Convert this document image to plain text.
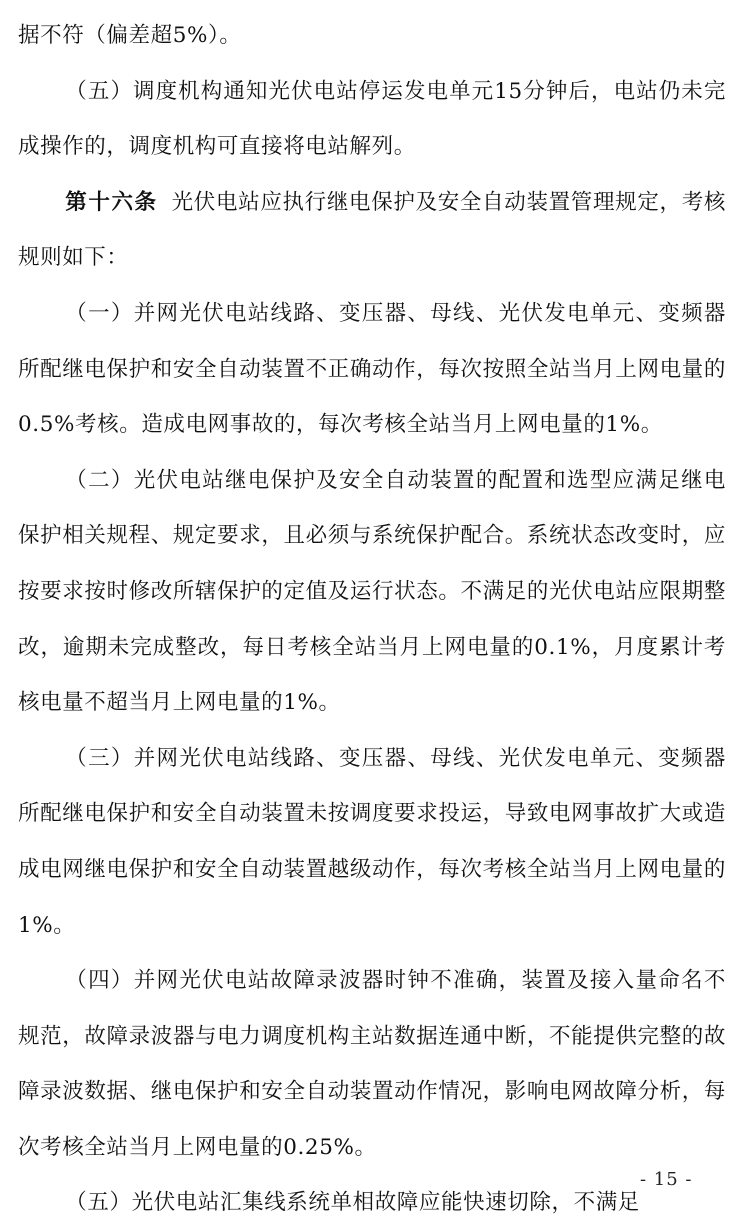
据不符（偏差超5%）。

（五）调度机构通知光伏电站停运发电单元15分钟后，电站仍未完成操作的，调度机构可直接将电站解列。

第十六条 光伏电站应执行继电保护及安全自动装置管理规定，考核规则如下：

（一）并网光伏电站线路、变压器、母线、光伏发电单元、变频器所配继电保护和安全自动装置不正确动作，每次按照全站当月上网电量的0.5%考核。造成电网事故的，每次考核全站当月上网电量的1%。

（二）光伏电站继电保护及安全自动装置的配置和选型应满足继电保护相关规程、规定要求，且必须与系统保护配合。系统状态改变时，应按要求按时修改所辖保护的定值及运行状态。不满足的光伏电站应限期整改，逾期未完成整改，每日考核全站当月上网电量的0.1%，月度累计考核电量不超当月上网电量的1%。

（三）并网光伏电站线路、变压器、母线、光伏发电单元、变频器所配继电保护和安全自动装置未按调度要求投运，导致电网事故扩大或造成电网继电保护和安全自动装置越级动作，每次考核全站当月上网电量的1%。

（四）并网光伏电站故障录波器时钟不准确，装置及接入量命名不规范，故障录波器与电力调度机构主站数据连通中断，不能提供完整的故障录波数据、继电保护和安全自动装置动作情况，影响电网故障分析，每次考核全站当月上网电量的0.25%。

（五）光伏电站汇集线系统单相故障应能快速切除，不满足

- 15 -
